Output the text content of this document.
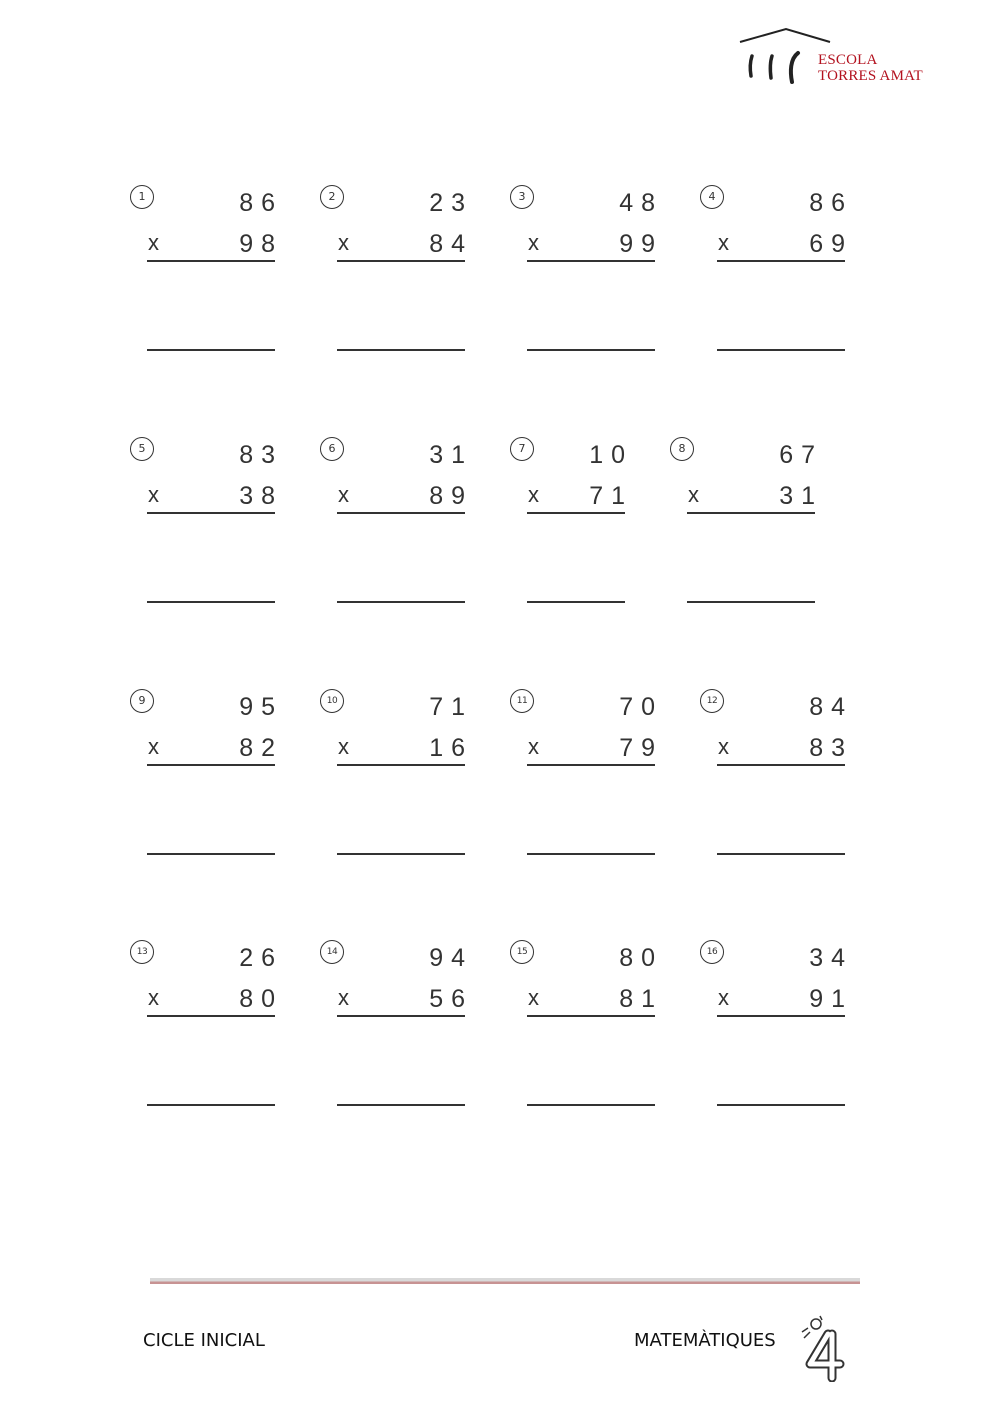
ESCOLA
TORRES AMAT
1	86
x	98
2	23
x	84
3	48
x	99
4	86
x	69
5	83
x	38
6	31
x	89
7	10
x 71
8	67
x	31
9	95
x	82
10	71
x	16
11	70
x	79
12	84
x	83
13	26
x	80
14	94
x	56
15	80
x	81
16	34
x	91
CICLE INICIAL	MATEMÀTIQUES
